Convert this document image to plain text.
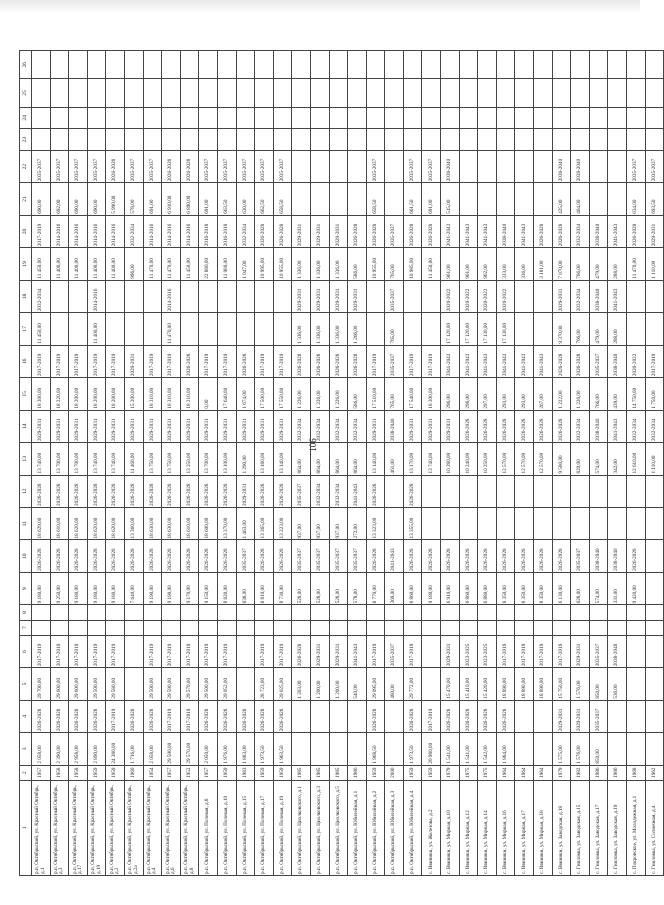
106
1	2	3	4	5	6	7	8	9	10	11	12	13	14	15	16	17	18	19	20	21	22	23	24	25	26
р.п. Октябрьский, ул. Красный Октябрь, д.1	1957	2 058,00	2026-2028	29 700,00	2017-2019			9 180,00	2026-2028	18 629,00	2026-2028	13 740,00	2029-2031	18 300,00	2017-2019	11 450,00	2032-2034	11 450,00	2017-2019	690,00	2035-2037				
р.п. Октябрьский, ул. Красный Октябрь, д.3	1958	2 390,00	2026-2028	29 600,00	2017-2019			9 250,00	2026-2028	18 610,00	2026-2028	13 700,00	2029-2031	18 220,00	2017-2019			11 400,00	2014-2016	692,00	2035-2037				
р.п. Октябрьский, ул. Красный Октябрь, д.17	1958	2 958,00	2026-2028	29 600,00	2017-2019			9 180,00	2026-2028	18 620,00	2026-2028	13 700,00	2029-2031	18 200,00	2017-2019			11 400,00	2014-2016	690,00	2035-2037				
р.п. Октябрьский, ул. Красный Октябрь, д.19	1959	2 890,00	2026-2028	29 500,00	2017-2019			9 180,00	2026-2028	18 620,00	2026-2028	13 740,00	2029-2031	18 200,00	2017-2019	11 400,00	2014-2016	11 400,00	2014-2016	690,00	2035-2037				
р.п. Октябрьский, ул. Красный Октябрь, д.2	1959	24 380,00	2017-2019	29 580,00	2017-2019			9 180,00	2026-2028	18 620,00	2026-2028	13 740,00	2029-2031	18 200,00	2017-2019			11 400,00	2014-2016	5 990,00	2026-2028				
р.п. Октябрьский, ул. Красный Октябрь, д.2а	1960	1 716,00	2026-2028					7 640,00	2026-2028	13 360,00	2026-2028	11 460,00	2029-2031	15 200,00	2029-2031			996,00	2032-2034	578,00	2035-2037				
р.п. Октябрьский, ул. Красный Октябрь, д.4	1954	2 058,00	2026-2028	29 500,00	2017-2019			9 190,00	2026-2028	18 630,00	2026-2028	13 750,00	2029-2031	18 310,00	2017-2019			11 470,00	2014-2016	691,00	2035-2037				
р.п. Октябрьский, ул. Красный Октябрь, д.6	1957	29 590,00	2017-2019	29 590,00	2017-2019			9 190,00	2026-2028	18 630,00	2026-2028	13 750,00	2029-2031	18 310,00	2017-2019	11 470,00	2014-2016	11 470,00	2014-2016	6 910,00	2026-2028				
р.п. Октябрьский, ул. Красный Октябрь, д.8	1952	29 570,00	2017-2019	29 570,00	2017-2019			9 170,00	2026-2028	18 610,00	2026-2028	13 250,00	2029-2031	18 210,00	2026-2028			11 450,00	2014-2016	6 890,00	2026-2028				
р.п. Октябрьский, ул. Полевая, д.8	1957	2 050,00	2026-2028	29 500,00	2017-2019			9 150,00	2026-2028	18 600,00	2026-2028	13 700,00	2029-2031	0,00	2017-2019			22 880,00	2016-2018	691,00	2035-2037				
р.п. Октябрьский, ул. Полевая, д.10	1959	1 976,00	2026-2028	29 052,00	2017-2019			8 820,00	2026-2028	13 370,00	2026-2028	13 100,00	2029-2031	17 640,00	2017-2019			11 080,00	2016-2018	663,50	2035-2037				
р.п. Октябрьский, ул. Полевая, д.15	1983	1 883,00	2026-2028					838,00	2035-2037	1 463,00	2029-2031	1 290,00	2029-2031	1 674,00	2026-2028			1 047,00	2032-2034	630,00	2035-2037				
р.п. Октябрьский, ул. Полевая, д.17	1959	1 973,50	2026-2028	28 723,00	2017-2019			8 810,00	2026-2028	13 365,00	2026-2028	13 180,00	2029-2031	17 500,00	2017-2019			10 995,00	2026-2028	662,50	2035-2037				
р.п. Октябрьский, ул. Полевая, д.19	1959	1 963,50	2026-2028	29 025,00	2017-2019			8 730,00	2026-2028	13 223,00	2026-2028	13 140,00	2029-2031	17 550,00	2017-2019			10 955,00	2026-2028	658,50	2035-2037				
р.п. Октябрьский, ул. Циолковского, д.1	1985			1 203,00	2026-2028			528,00	2035-2037	937,00	2035-2037	864,00	2032-2034	1 226,00	2026-2028	1 336,00	2029-2031	1 336,00	2029-2031						
р.п. Октябрьский, ул. Циолковского, д.3	1985			1 200,00	2029-2031			528,00	2035-2037	937,00	2032-2034	864,00	2032-2034	1 226,00	2026-2028	1 336,00	2029-2031	1 336,00	2029-2031						
р.п. Октябрьский, ул. Циолковского, д.5	1985			1 200,00	2029-2031			528,00	2035-2037	937,00	2032-2034	864,00	2032-2034	1 226,00	2026-2028	1 336,00	2029-2031	1 336,00	2029-2031						
р.п. Октябрьский, ул. Юбилейная, д.1	1986			540,00	2041-2043			578,00	2035-2037	272,00	2041-2043	864,00	2032-2034	586,00	2026-2028	1 266,00	2029-2031	586,00	2026-2028						
р.п. Октябрьский, ул. Юбилейная, д.2	1959	1 968,50	2026-2028	29 095,00	2017-2019			8 770,00	2026-2028	13 323,00	2026-2028	13 140,00	2029-2031	17 510,00	2017-2019			10 955,00	2026-2028	658,50	2035-2037				
р.п. Октябрьский, ул. Юбилейная, д.3	2000			480,00	2035-2037			369,00	2041-2043			461,00	2038-2040	765,00	2035-2037	765,00	2035-2037	765,00	2035-2037						
р.п. Октябрьский, ул. Юбилейная, д.4	1959	1 973,50	2026-2028	29 772,00	2017-2019			8 860,00	2026-2028	13 355,00	2026-2028	13 170,00	2029-2031	17 540,00	2017-2019			10 985,00	2026-2028	661,50	2035-2037				
с. Ввиники, ул. Железова, д.2	1959	20 980,00	2017-2019					9 180,00	2026-2028			13 740,00	2029-2031	18 300,00	2017-2019			11 450,00	2026-2028	691,00	2035-2037				
с. Ввиники, ул. Мирная, д.10	1979	1 541,00	2026-2028	15 470,00	2029-2031			6 910,00	2026-2028			10 280,00	2029-2031	296,00	2041-2043	17 120,00	2020-2022	961,00	2041-2043	515,00	2038-2040				
с. Ввиники, ул. Мирная, д.12	1975	1 541,00	2026-2028	15 410,00	2023-2025			6 860,00	2026-2028			10 240,00	2026-2028	296,00	2041-2043	17 120,00	2020-2022	961,00	2041-2043						
с. Ввиники, ул. Мирная, д.14	1975	1 542,00	2026-2028	15 420,00	2023-2025			6 880,00	2026-2028			10 250,00	2026-2028	297,00	2041-2043	17 130,00	2020-2022	962,00	2041-2043						
с. Ввиники, ул. Мирная, д.16	1964	1 884,00	2026-2028	18 890,00	2017-2019			8 350,00	2026-2028			12 570,00	2026-2028	293,00	2041-2043	17 130,00	2020-2022	333,00	2038-2040						
с. Ввиники, ул. Мирная, д.17	1964			18 890,00	2017-2019			8 350,00	2026-2028			12 570,00	2026-2028	293,00	2041-2043			336,00	2041-2043						
с. Ввиники, ул. Мирная, д.18	1964			18 890,00	2017-2019			8 350,00	2026-2028			12 570,00	2026-2028	267,00	2041-2043			3 181,00	2026-2028						
с. Ввиники, ул. Заводская, д.18	1979	1 575,00	2029-2031	15 750,00	2017-2019			6 130,00	2026-2028			9 580,00	2026-2028	1 222,00	2026-2028	9 370,00	2029-2031	7 070,00	2026-2028	425,00	2038-2040				
с. Гниловка, ул. Заводская, д.15	1982	1 576,00	2029-2031	1 576,00	2029-2031			628,00	2035-2037			820,00	2032-2034	1 226,00	2026-2028	766,00	2032-2034	766,00	2032-2034	464,00	2038-2040				
с. Гниловка, ул. Заводская, д.17	1986	850,00	2035-2037	850,00	2035-2037			574,00	2038-2040			574,00	2038-2040	766,00	2035-2037	479,00	2038-2040	479,00	2038-2040						
с. Гниловка, ул. Заводская, д.19	1986			536,00	2038-2040			331,00	2038-2040			342,00	2041-2043	439,00	2038-2040	288,00	2041-2043	288,00	2041-2043						
с. Покровское, ул. Молодежная, д.1	1968							9 420,00	2026-2028			12 610,00	2032-2034	14 750,00	2020-2022			11 470,00	2026-2028	634,00	2035-2037				
с. Гниловка, ул. Солнечная, д.4	1962											1 110,00	2032-2034	1 750,00	2017-2019			1 110,00	2029-2031	693,50	2035-2037				
